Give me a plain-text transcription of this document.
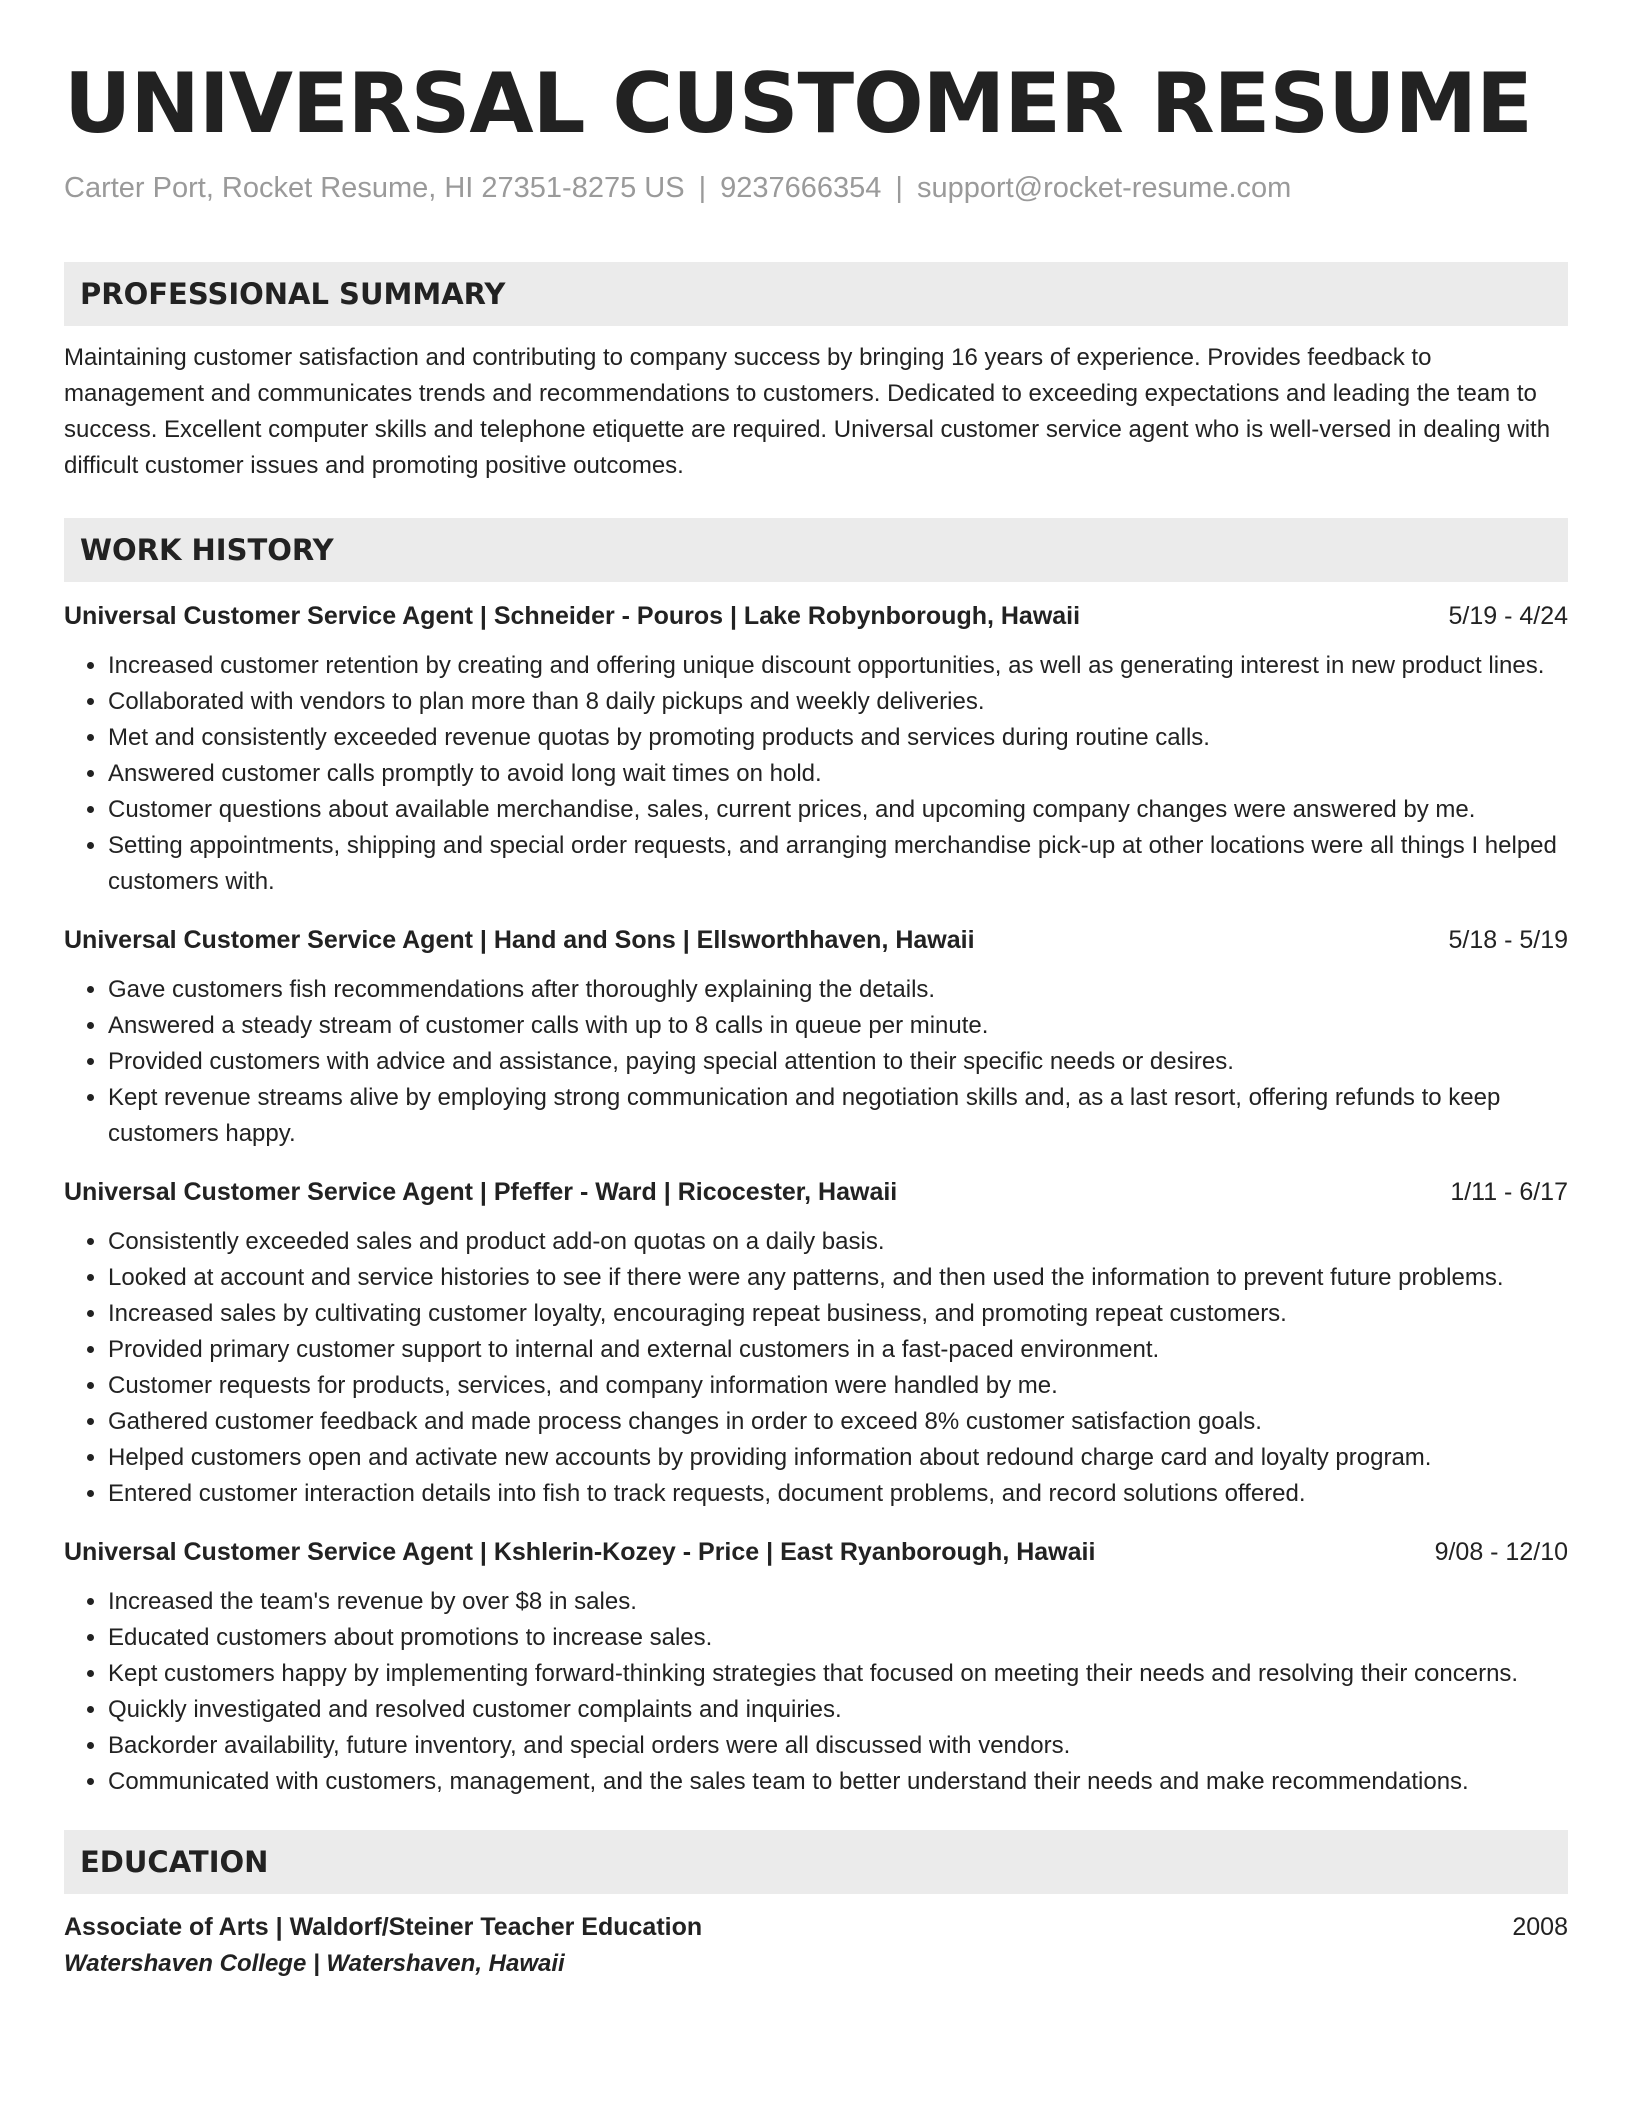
UNIVERSAL CUSTOMER RESUME
Carter Port, Rocket Resume, HI 27351-8275 US | 9237666354 | support@rocket-resume.com
PROFESSIONAL SUMMARY
Maintaining customer satisfaction and contributing to company success by bringing 16 years of experience. Provides feedback to management and communicates trends and recommendations to customers. Dedicated to exceeding expectations and leading the team to success. Excellent computer skills and telephone etiquette are required. Universal customer service agent who is well-versed in dealing with difficult customer issues and promoting positive outcomes.
WORK HISTORY
Universal Customer Service Agent | Schneider - Pouros | Lake Robynborough, Hawaii	5/19 - 4/24
• Increased customer retention by creating and offering unique discount opportunities, as well as generating interest in new product lines.
• Collaborated with vendors to plan more than 8 daily pickups and weekly deliveries.
• Met and consistently exceeded revenue quotas by promoting products and services during routine calls.
• Answered customer calls promptly to avoid long wait times on hold.
• Customer questions about available merchandise, sales, current prices, and upcoming company changes were answered by me.
• Setting appointments, shipping and special order requests, and arranging merchandise pick-up at other locations were all things I helped customers with.
Universal Customer Service Agent | Hand and Sons | Ellsworthhaven, Hawaii	5/18 - 5/19
• Gave customers fish recommendations after thoroughly explaining the details.
• Answered a steady stream of customer calls with up to 8 calls in queue per minute.
• Provided customers with advice and assistance, paying special attention to their specific needs or desires.
• Kept revenue streams alive by employing strong communication and negotiation skills and, as a last resort, offering refunds to keep customers happy.
Universal Customer Service Agent | Pfeffer - Ward | Ricocester, Hawaii	1/11 - 6/17
• Consistently exceeded sales and product add-on quotas on a daily basis.
• Looked at account and service histories to see if there were any patterns, and then used the information to prevent future problems.
• Increased sales by cultivating customer loyalty, encouraging repeat business, and promoting repeat customers.
• Provided primary customer support to internal and external customers in a fast-paced environment.
• Customer requests for products, services, and company information were handled by me.
• Gathered customer feedback and made process changes in order to exceed 8% customer satisfaction goals.
• Helped customers open and activate new accounts by providing information about redound charge card and loyalty program.
• Entered customer interaction details into fish to track requests, document problems, and record solutions offered.
Universal Customer Service Agent | Kshlerin-Kozey - Price | East Ryanborough, Hawaii	9/08 - 12/10
• Increased the team's revenue by over $8 in sales.
• Educated customers about promotions to increase sales.
• Kept customers happy by implementing forward-thinking strategies that focused on meeting their needs and resolving their concerns.
• Quickly investigated and resolved customer complaints and inquiries.
• Backorder availability, future inventory, and special orders were all discussed with vendors.
• Communicated with customers, management, and the sales team to better understand their needs and make recommendations.
EDUCATION
Associate of Arts | Waldorf/Steiner Teacher Education	2008
Watershaven College | Watershaven, Hawaii
